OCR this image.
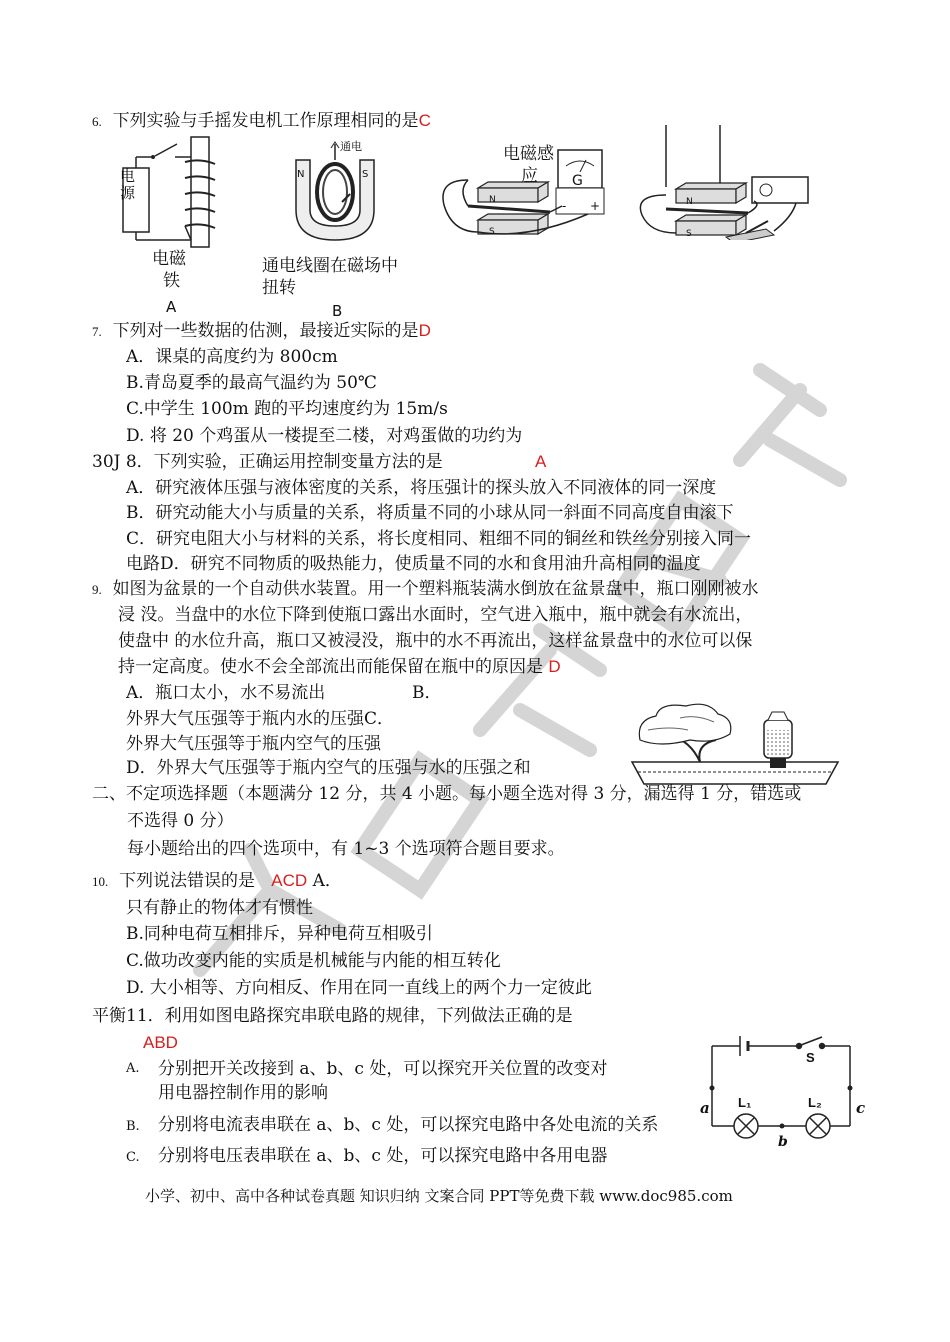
6. 下列实验与手摇发电机工作原理相同的是C
电源
电磁
铁
A
通电
N	S
通电线圈在磁场中
扭转
B
电磁感
应 G
N
S
- +	N
S
7. 下列对一些数据的估测，最接近实际的是D
A．课桌的高度约为 800cm
B.青岛夏季的最高气温约为 50℃
C.中学生 100m 跑的平均速度约为 15m/s
D. 将 20 个鸡蛋从一楼提至二楼，对鸡蛋做的功约为
30J 8．下列实验，正确运用控制变量方法的是	A
A．研究液体压强与液体密度的关系，将压强计的探头放入不同液体的同一深度
B．研究动能大小与质量的关系，将质量不同的小球从同一斜面不同高度自由滚下
C．研究电阻大小与材料的关系，将长度相同、粗细不同的铜丝和铁丝分别接入同一
电路D．研究不同物质的吸热能力，使质量不同的水和食用油升高相同的温度
9. 如图为盆景的一个自动供水装置。用一个塑料瓶装满水倒放在盆景盘中，瓶口刚刚被水
浸 没。当盘中的水位下降到使瓶口露出水面时，空气进入瓶中，瓶中就会有水流出，
使盘中 的水位升高，瓶口又被浸没，瓶中的水不再流出，这样盆景盘中的水位可以保
持一定高度。使水不会全部流出而能保留在瓶中的原因是 D
A．瓶口太小，水不易流出	B．
外界大气压强等于瓶内水的压强C．
外界大气压强等于瓶内空气的压强
D．外界大气压强等于瓶内空气的压强与水的压强之和
二、不定项选择题（本题满分 12 分，共 4 小题。每小题全选对得 3 分，漏选得 1 分，错选或
不选得 0 分）
每小题给出的四个选项中，有 1~3 个选项符合题目要求。
10. 下列说法错误的是 ACD A．
只有静止的物体才有惯性
B.同种电荷互相排斥，异种电荷互相吸引
C.做功改变内能的实质是机械能与内能的相互转化
D. 大小相等、方向相反、作用在同一直线上的两个力一定彼此
平衡11．利用如图电路探究串联电路的规律，下列做法正确的是
ABD
A. 分别把开关改接到 a、b、c 处，可以探究开关位置的改变对
用电器控制作用的影响
B. 分别将电流表串联在 a、b、c 处，可以探究电路中各处电流的关系
C. 分别将电压表串联在 a、b、c 处，可以探究电路中各用电器
S
L₁	L₂
a
b
c
小学、初中、高中各种试卷真题 知识归纳 文案合同 PPT等免费下载 www.doc985.com
